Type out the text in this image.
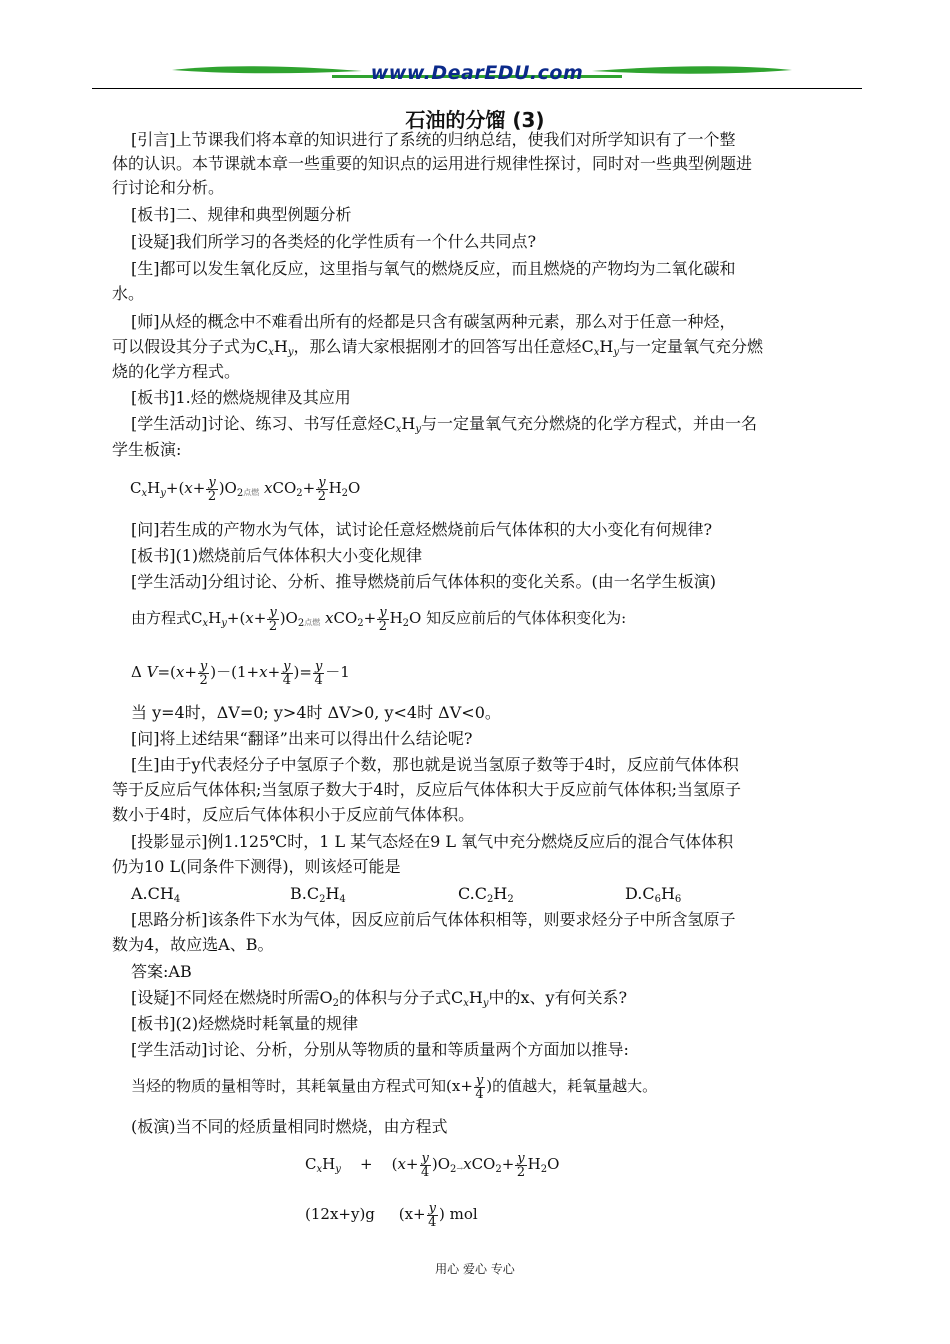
www.DearEDU.com
石油的分馏 (3)
[引言]上节课我们将本章的知识进行了系统的归纳总结，使我们对所学知识有了一个整
体的认识。本节课就本章一些重要的知识点的运用进行规律性探讨，同时对一些典型例题进
行讨论和分析。
[板书]二、规律和典型例题分析
[设疑]我们所学习的各类烃的化学性质有一个什么共同点?
[生]都可以发生氧化反应，这里指与氧气的燃烧反应，而且燃烧的产物均为二氧化碳和
水。
[师]从烃的概念中不难看出所有的烃都是只含有碳氢两种元素，那么对于任意一种烃，
可以假设其分子式为$C_xH_y$，那么请大家根据刚才的回答写出任意烃$C_xH_y$与一定量氧气充分燃
烧的化学方程式。
[板书]1.烃的燃烧规律及其应用
[学生活动]讨论、练习、书写任意烃$C_xH_y$与一定量氧气充分燃烧的化学方程式，并由一名
学生板演:
$C_xH_y+(x+ \frac{y}{2} )O_2$点燃 $xCO_2+ \frac{y}{2} H_2O$
[问]若生成的产物水为气体，试讨论任意烃燃烧前后气体体积的大小变化有何规律?
[板书](1)燃烧前后气体体积大小变化规律
[学生活动]分组讨论、分析、推导燃烧前后气体体积的变化关系。(由一名学生板演)
由方程式$C_xH_y+(x+ \frac{y}{2} )O_2$点燃 $xCO_2+ \frac{y}{2} H_2O$ 知反应前后的气体体积变化为:
Δ $V=(x+ \frac{y}{2} )-(1+x+ \frac{y}{4}$ )= $\frac{y}{4} -1$
当 y=4时，ΔV=0; y>4时 ΔV>0, y<4时 ΔV<0。
[问]将上述结果“翻译”出来可以得出什么结论呢?
[生]由于y代表烃分子中氢原子个数，那也就是说当氢原子数等于4时，反应前气体体积
等于反应后气体体积;当氢原子数大于4时，反应后气体体积大于反应前气体体积;当氢原子
数小于4时，反应后气体体积小于反应前气体体积。
[投影显示]例1.125℃时，1 L 某气态烃在9 L 氧气中充分燃烧反应后的混合气体体积
仍为10 L(同条件下测得)，则该烃可能是
$A.CH_4$	$B.C_2H_4$	$C.C_2H_2$	$D.C_6H_6$
[思路分析]该条件下水为气体，因反应前后气体体积相等，则要求烃分子中所含氢原子
数为4，故应选A、B。
答案:AB
[设疑]不同烃在燃烧时所需$O_2$的体积与分子式$C_xH_y$中的x、y有何关系?
[板书](2)烃燃烧时耗氧量的规律
[学生活动]讨论、分析，分别从等物质的量和等质量两个方面加以推导:
当烃的物质的量相等时，其耗氧量由方程式可知($x+ \frac{y}{4}$ )的值越大，耗氧量越大。
(板演)当不同的烃质量相同时燃烧，由方程式
$C_xH_y$    +    $(x+ \frac{y}{4} )O_2\to xCO_2+ \frac{y}{2} H_2O$
(12x+y)g ($x+ \frac{y}{4}$ ) mol
用心 爱心 专心
